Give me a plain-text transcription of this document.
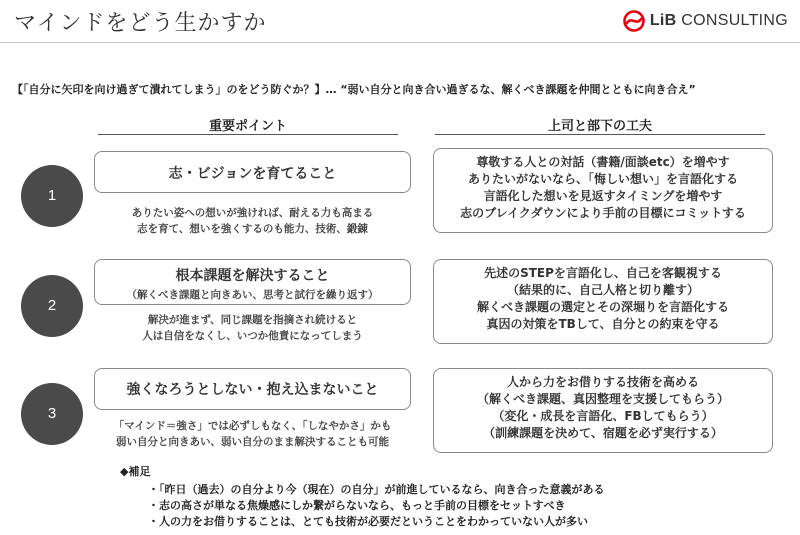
マインドをどう生かすか	LiB CONSULTING
【「自分に矢印を向け過ぎて潰れてしまう」のをどう防ぐか？】… “弱い自分と向き合い過ぎるな、解くべき課題を仲間とともに向き合え”
重要ポイント	上司と部下の工夫
1
志・ビジョンを育てること
ありたい姿への想いが強ければ、耐える力も高まる
志を育て、想いを強くするのも能力、技術、鍛錬
尊敬する人との対話（書籍/面談etc）を増やす
ありたいがないなら、「悔しい想い」を言語化する
言語化した想いを見返すタイミングを増やす
志のブレイクダウンにより手前の目標にコミットする
2
根本課題を解決すること
（解くべき課題と向きあい、思考と試行を繰り返す）
解決が進まず、同じ課題を指摘され続けると
人は自信をなくし、いつか他責になってしまう
先述のSTEPを言語化し、自己を客観視する
（結果的に、自己人格と切り離す）
解くべき課題の選定とその深堀りを言語化する
真因の対策をTBして、自分との約束を守る
3
強くなろうとしない・抱え込まないこと
「マインド＝強さ」では必ずしもなく、「しなやかさ」かも
弱い自分と向きあい、弱い自分のまま解決することも可能
人から力をお借りする技術を高める
（解くべき課題、真因整理を支援してもらう）
（変化・成長を言語化、FBしてもらう）
（訓練課題を決めて、宿題を必ず実行する）
◆補足
・ 「昨日（過去）の自分より今（現在）の自分」が前進しているなら、向き合った意義がある
・ 志の高さが単なる焦燥感にしか繋がらないなら、もっと手前の目標をセットすべき
・ 人の力をお借りすることは、とても技術が必要だということをわかっていない人が多い
